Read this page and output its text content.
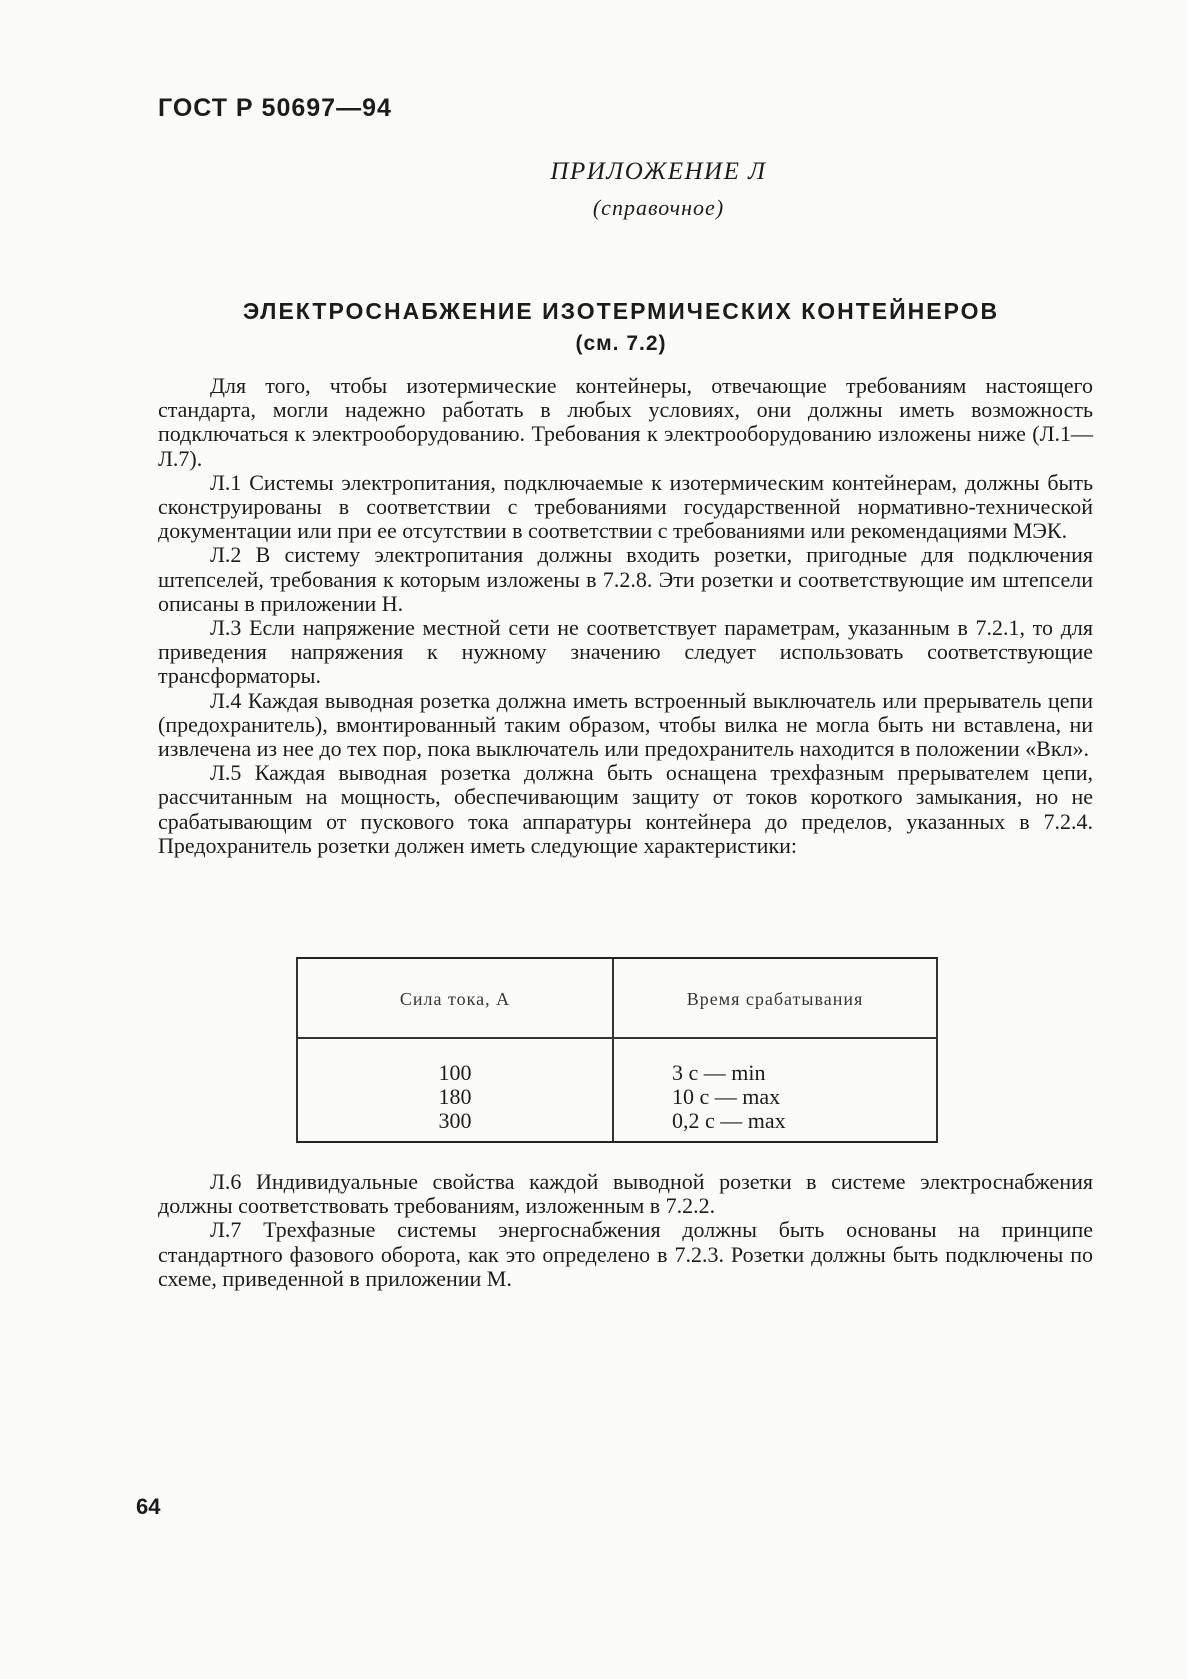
ГОСТ Р 50697—94
ПРИЛОЖЕНИЕ Л
(справочное)
ЭЛЕКТРОСНАБЖЕНИЕ ИЗОТЕРМИЧЕСКИХ КОНТЕЙНЕРОВ
(см. 7.2)

Для того, чтобы изотермические контейнеры, отвечающие требованиям настоящего стандарта, могли надежно работать в любых условиях, они должны иметь возможность подключаться к электрооборудованию. Требования к электрооборудованию изложены ниже (Л.1—Л.7).

Л.1 Системы электропитания, подключаемые к изотермическим контейнерам, должны быть сконструированы в соответствии с требованиями государственной нормативно-технической документации или при ее отсутствии в соответствии с требованиями или рекомендациями МЭК.

Л.2 В систему электропитания должны входить розетки, пригодные для подключения штепселей, требования к которым изложены в 7.2.8. Эти розетки и соответствующие им штепсели описаны в приложении Н.

Л.3 Если напряжение местной сети не соответствует параметрам, указанным в 7.2.1, то для приведения напряжения к нужному значению следует использовать соответствующие трансформаторы.

Л.4 Каждая выводная розетка должна иметь встроенный выключатель или прерыватель цепи (предохранитель), вмонтированный таким образом, чтобы вилка не могла быть ни вставлена, ни извлечена из нее до тех пор, пока выключатель или предохранитель находится в положении «Вкл».

Л.5 Каждая выводная розетка должна быть оснащена трехфазным прерывателем цепи, рассчитанным на мощность, обеспечивающим защиту от токов короткого замыкания, но не срабатывающим от пускового тока аппаратуры контейнера до пределов, указанных в 7.2.4. Предохранитель розетки должен иметь следующие характеристики:

Сила тока, А	Время срабатывания
100
180
300
3 с — min
10 с — max
0,2 с — max

Л.6 Индивидуальные свойства каждой выводной розетки в системе электроснабжения должны соответствовать требованиям, изложенным в 7.2.2.

Л.7 Трехфазные системы энергоснабжения должны быть основаны на принципе стандартного фазового оборота, как это определено в 7.2.3. Розетки должны быть подключены по схеме, приведенной в приложении М.

64
